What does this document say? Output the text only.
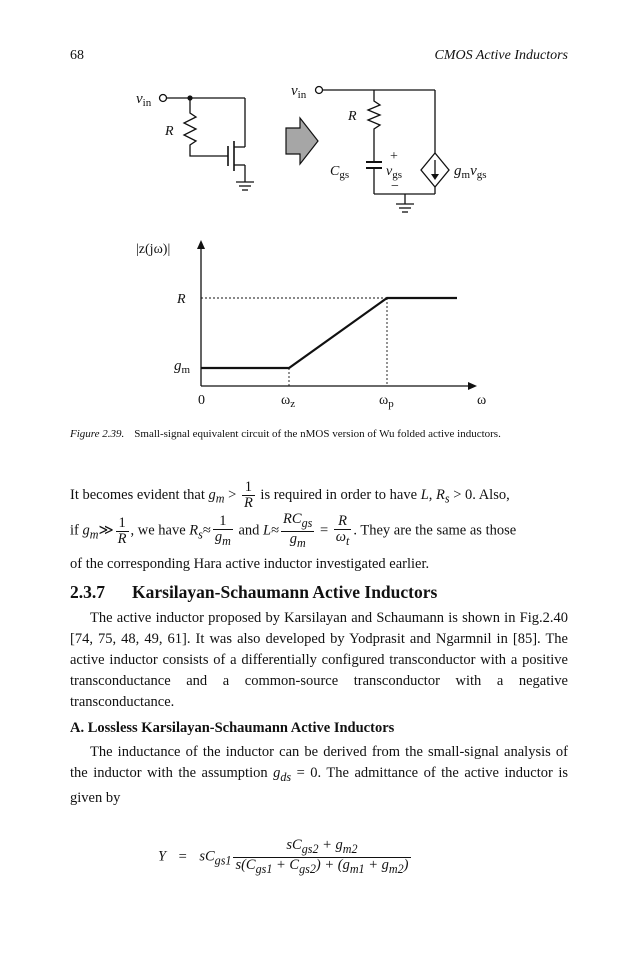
68	CMOS Active Inductors
$v_{in}$
R
$v_{in}$
R
$C_{gs}$
+
$v_{gs}$
−
$g_mv_{gs}$
|z(jω)|
R
$g_m$
0	$\omega_z$	$\omega_p$	ω
Figure 2.39. Small-signal equivalent circuit of the nMOS version of Wu folded active inductors.
It becomes evident that $g_m > \frac{1}{R}$ is required in order to have L, $R_s > 0$. Also,
if $g_m≫ \frac{1}{R}$ , we have $R_s\approx \frac{1}{g_m}$ and $L\approx \frac{RC_{gs}}{g_m} = \frac{R}{\omega_t}$ . They are the same as those
of the corresponding Hara active inductor investigated earlier.
2.3.7 Karsilayan-Schaumann Active Inductors
The active inductor proposed by Karsilayan and Schaumann is shown in Fig.2.40 [74, 75, 48, 49, 61]. It was also developed by Yodprasit and Ngarmnil in [85]. The active inductor consists of a differentially configured transconductor with a positive transconductance and a common-source transconductor with a negative transconductance.
A. Lossless Karsilayan-Schaumann Active Inductors
The inductance of the inductor can be derived from the small-signal analysis of the inductor with the assumption $g_{ds} = 0$. The admittance of the active inductor is given by
$Y = sC_{gs1} \frac{sC_{gs2} + g_{m2}}{s(C_{gs1} + C_{gs2}) + (g_{m1} + g_{m2})}$
